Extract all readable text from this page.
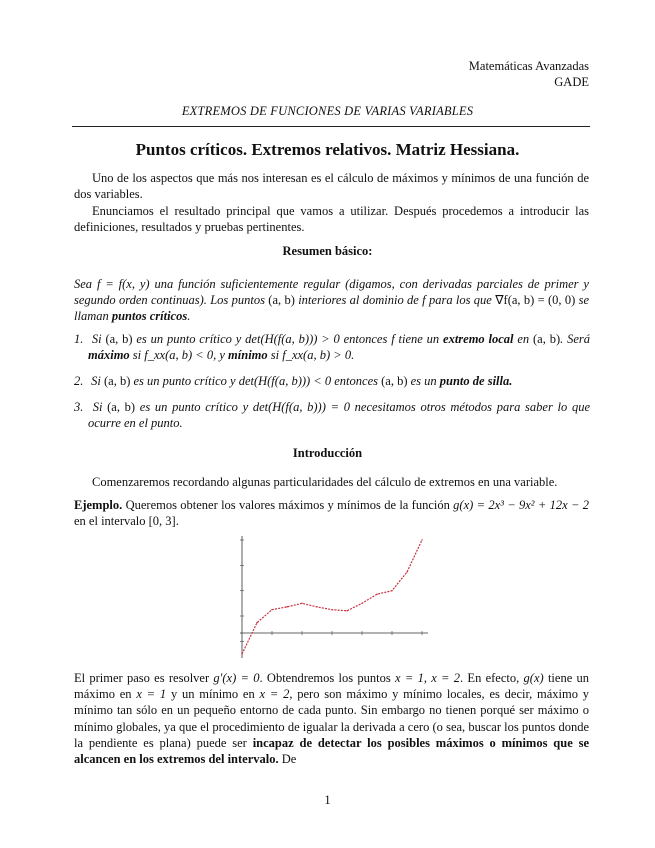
Matemáticas Avanzadas
GADE
EXTREMOS DE FUNCIONES DE VARIAS VARIABLES
Puntos críticos. Extremos relativos. Matriz Hessiana.
Uno de los aspectos que más nos interesan es el cálculo de máximos y mínimos de una función de dos variables.
Enunciamos el resultado principal que vamos a utilizar. Después procedemos a introducir las definiciones, resultados y pruebas pertinentes.
Resumen básico:
Sea f = f(x, y) una función suficientemente regular (digamos, con derivadas parciales de primer y segundo orden continuas). Los puntos (a, b) interiores al dominio de f para los que ∇f(a, b) = (0, 0) se llaman puntos críticos.
1. Si (a, b) es un punto crítico y det(H(f(a, b))) > 0 entonces f tiene un extremo local en (a, b). Será máximo si f_xx(a, b) < 0, y mínimo si f_xx(a, b) > 0.
2. Si (a, b) es un punto crítico y det(H(f(a, b))) < 0 entonces (a, b) es un punto de silla.
3. Si (a, b) es un punto crítico y det(H(f(a, b))) = 0 necesitamos otros métodos para saber lo que ocurre en el punto.
Introducción
Comenzaremos recordando algunas particularidades del cálculo de extremos en una variable.
Ejemplo. Queremos obtener los valores máximos y mínimos de la función g(x) = 2x³ − 9x² + 12x − 2 en el intervalo [0, 3].
El primer paso es resolver g′(x) = 0. Obtendremos los puntos x = 1, x = 2. En efecto, g(x) tiene un máximo en x = 1 y un mínimo en x = 2, pero son máximo y mínimo locales, es decir, máximo y mínimo tan sólo en un pequeño entorno de cada punto. Sin embargo no tienen porqué ser máximo o mínimo globales, ya que el procedimiento de igualar la derivada a cero (o sea, buscar los puntos donde la pendiente es plana) puede ser incapaz de detectar los posibles máximos o mínimos que se alcancen en los extremos del intervalo. De
1
